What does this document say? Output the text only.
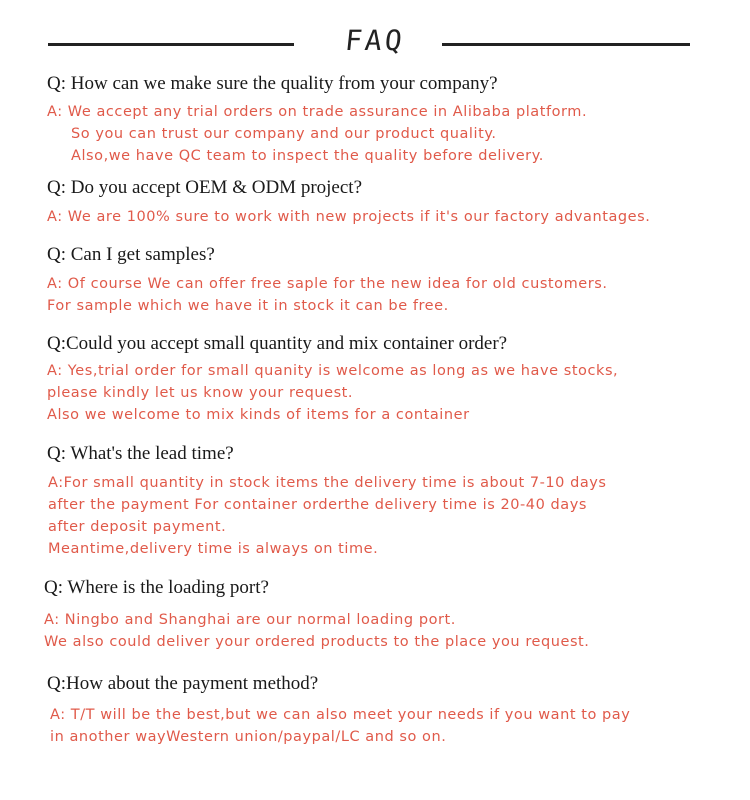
FAQ
Q: How can we make sure the quality from your company?
A: We accept any trial orders on trade assurance in Alibaba platform.
So you can trust our company and our product quality.
Also,we have QC team to inspect the quality before delivery.
Q: Do you accept OEM & ODM project?
A: We are 100% sure to work with new projects if it's our factory advantages.
Q: Can I get samples?
A: Of course We can offer free saple for the new idea for old customers.
For sample which we have it in stock it can be free.
Q:Could you accept small quantity and mix container order?
A: Yes,trial order for small quanity is welcome as long as we have stocks,
please kindly let us know your request.
Also we welcome to mix kinds of items for a container
Q: What's the lead time?
A:For small quantity in stock items the delivery time is about 7-10 days
after the payment For container orderthe delivery time is 20-40 days
after deposit payment.
Meantime,delivery time is always on time.
Q: Where is the loading port?
A: Ningbo and Shanghai are our normal loading port.
We also could deliver your ordered products to the place you request.
Q:How about the payment method?
A: T/T will be the best,but we can also meet your needs if you want to pay
in another wayWestern union/paypal/LC and so on.
